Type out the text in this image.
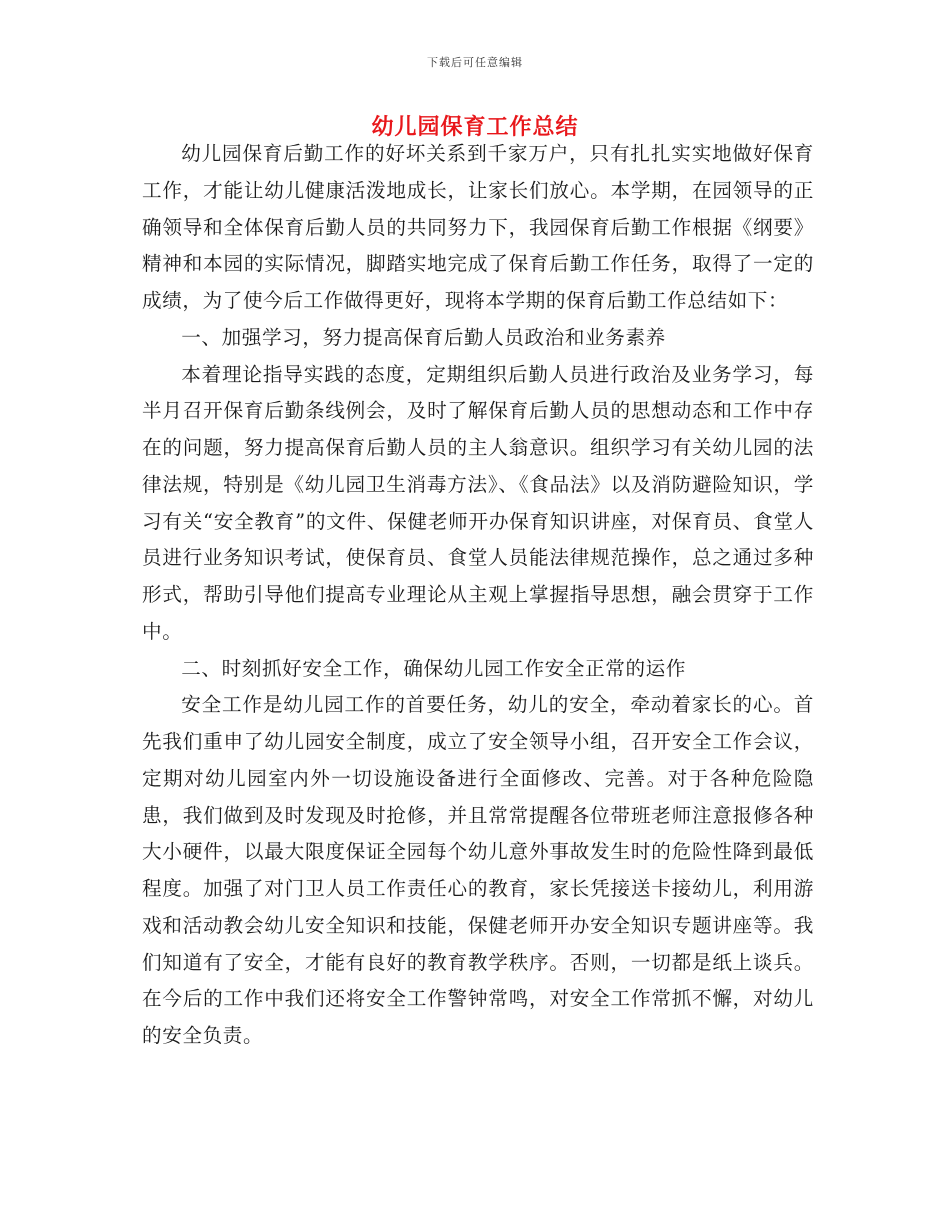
下载后可任意编辑
幼儿园保育工作总结

幼儿园保育后勤工作的好坏关系到千家万户，只有扎扎实实地做好保育工作，才能让幼儿健康活泼地成长，让家长们放心。本学期，在园领导的正确领导和全体保育后勤人员的共同努力下，我园保育后勤工作根据《纲要》精神和本园的实际情况，脚踏实地完成了保育后勤工作任务，取得了一定的成绩，为了使今后工作做得更好，现将本学期的保育后勤工作总结如下：

一、加强学习，努力提高保育后勤人员政治和业务素养

本着理论指导实践的态度，定期组织后勤人员进行政治及业务学习，每半月召开保育后勤条线例会，及时了解保育后勤人员的思想动态和工作中存在的问题，努力提高保育后勤人员的主人翁意识。组织学习有关幼儿园的法律法规，特别是《幼儿园卫生消毒方法》、《食品法》以及消防避险知识，学习有关“安全教育”的文件、保健老师开办保育知识讲座，对保育员、食堂人员进行业务知识考试，使保育员、食堂人员能法律规范操作，总之通过多种形式，帮助引导他们提高专业理论从主观上掌握指导思想，融会贯穿于工作中。

二、时刻抓好安全工作，确保幼儿园工作安全正常的运作

安全工作是幼儿园工作的首要任务，幼儿的安全，牵动着家长的心。首先我们重申了幼儿园安全制度，成立了安全领导小组，召开安全工作会议，定期对幼儿园室内外一切设施设备进行全面修改、完善。对于各种危险隐患，我们做到及时发现及时抢修，并且常常提醒各位带班老师注意报修各种大小硬件，以最大限度保证全园每个幼儿意外事故发生时的危险性降到最低程度。加强了对门卫人员工作责任心的教育，家长凭接送卡接幼儿，利用游戏和活动教会幼儿安全知识和技能，保健老师开办安全知识专题讲座等。我们知道有了安全，才能有良好的教育教学秩序。否则，一切都是纸上谈兵。在今后的工作中我们还将安全工作警钟常鸣，对安全工作常抓不懈，对幼儿的安全负责。
